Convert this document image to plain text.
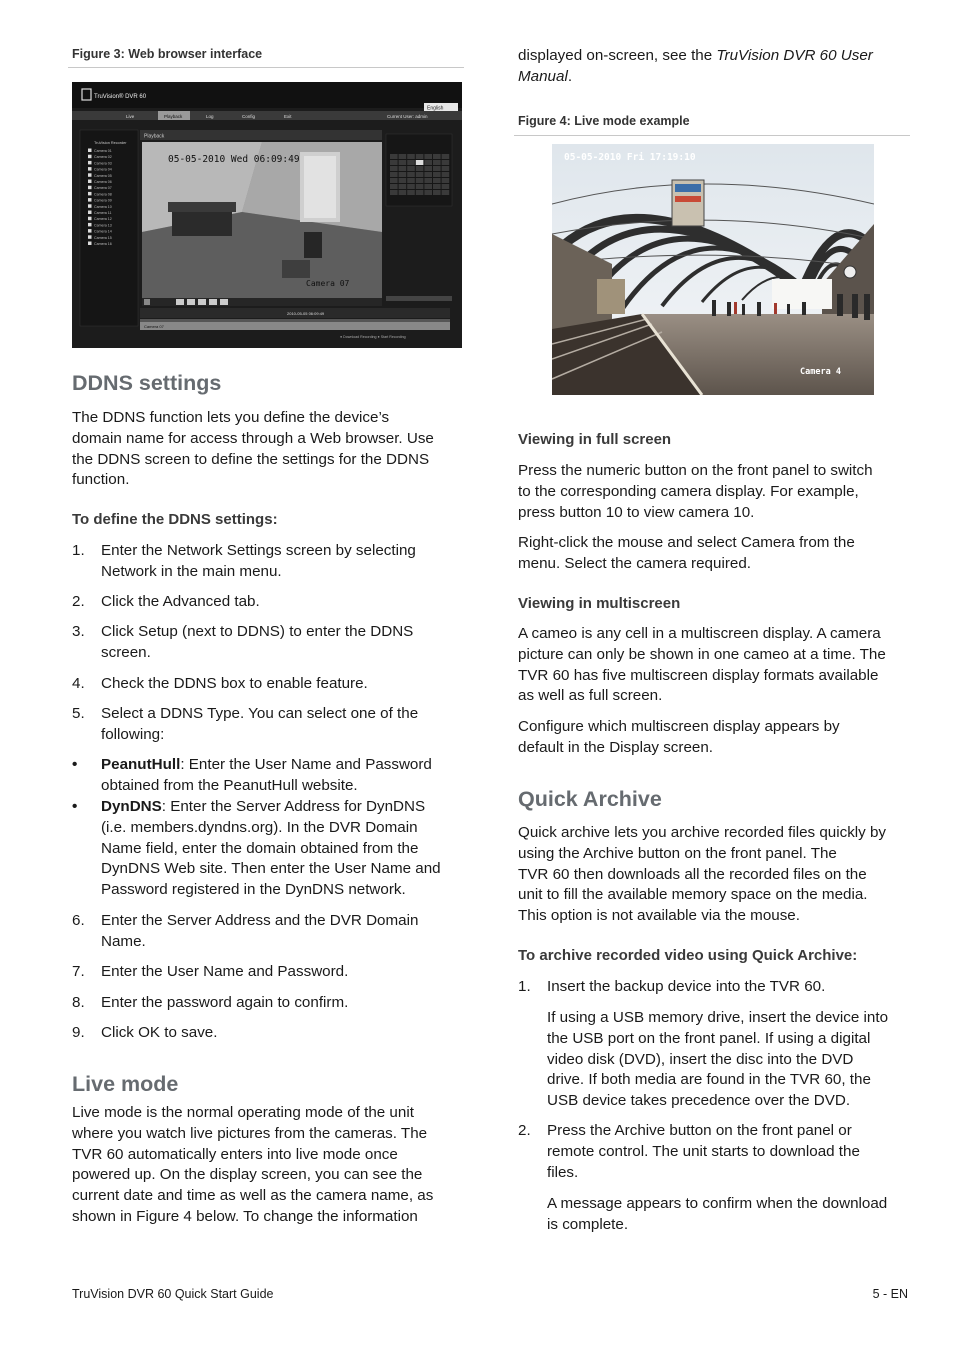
Figure 3: Web browser interface
TruVision® DVR 60
English
Live	Playback	Log	Config	Exit	Current User: admin
TruVision Recorder
Camera 01
Camera 02
Camera 03
Camera 04
Camera 05
Camera 06
Camera 07
Camera 08
Camera 09
Camera 10
Camera 11
Camera 12
Camera 13
Camera 14
Camera 15
Camera 16
Playback
05-05-2010 Wed 06:09:49
Camera 07
2010-05-05 06:09:49
Camera 07
● Download Recording ● Start Recording
DDNS settings

The DDNS function lets you define the device’s

domain name for access through a Web browser. Use

the DDNS screen to define the settings for the DDNS

function.

To define the DDNS settings:
1. Enter the Network Settings screen by selecting

Network in the main menu.

2. Click the Advanced tab.

3. Click Setup (next to DDNS) to enter the DDNS

screen.

4. Check the DDNS box to enable feature.

5. Select a DDNS Type. You can select one of the

following:

• PeanutHull: Enter the User Name and Password

obtained from the PeanutHull website.

• DynDNS: Enter the Server Address for DynDNS

(i.e. members.dyndns.org). In the DVR Domain

Name field, enter the domain obtained from the

DynDNS Web site. Then enter the User Name and

Password registered in the DynDNS network.

6. Enter the Server Address and the DVR Domain

Name.

7. Enter the User Name and Password.

8. Enter the password again to confirm.

9. Click OK to save.

Live mode

Live mode is the normal operating mode of the unit

where you watch live pictures from the cameras. The

TVR 60 automatically enters into live mode once

powered up. On the display screen, you can see the

current date and time as well as the camera name, as

shown in Figure 4 below. To change the information

displayed on-screen, see the TruVision DVR 60 User

Manual.

Figure 4: Live mode example
05-05-2010 Fri 17:19:10
Camera 4
Viewing in full screen

Press the numeric button on the front panel to switch

to the corresponding camera display. For example,

press button 10 to view camera 10.

Right-click the mouse and select Camera from the

menu. Select the camera required.

Viewing in multiscreen

A cameo is any cell in a multiscreen display. A camera

picture can only be shown in one cameo at a time. The

TVR 60 has five multiscreen display formats available

as well as full screen.

Configure which multiscreen display appears by

default in the Display screen.

Quick Archive

Quick archive lets you archive recorded files quickly by

using the Archive button on the front panel. The

TVR 60 then downloads all the recorded files on the

unit to fill the available memory space on the media.

This option is not available via the mouse.

To archive recorded video using Quick Archive:
1. Insert the backup device into the TVR 60.

If using a USB memory drive, insert the device into

the USB port on the front panel. If using a digital

video disk (DVD), insert the disc into the DVD

drive. If both media are found in the TVR 60, the

USB device takes precedence over the DVD.

2. Press the Archive button on the front panel or

remote control. The unit starts to download the

files.

A message appears to confirm when the download

is complete.

TruVision DVR 60 Quick Start Guide	5 - EN
